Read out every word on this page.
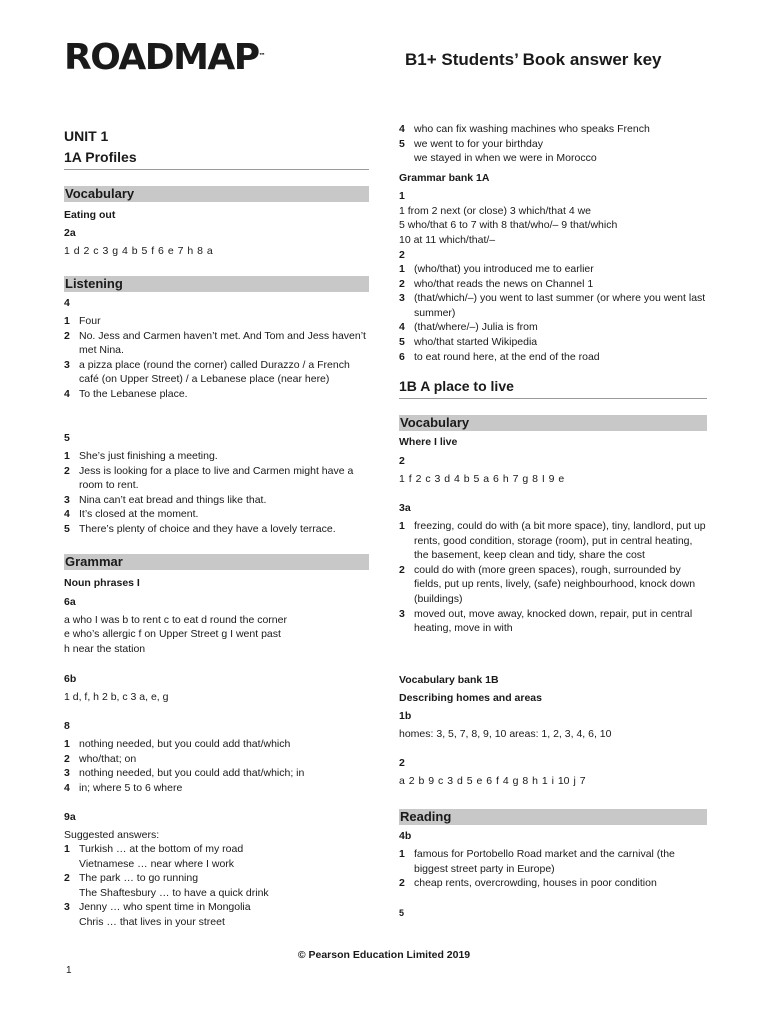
ROADMAP™	B1+ Students’ Book answer key
UNIT 1
1A Profiles
Vocabulary
Eating out
2a
1 d 2 c 3 g 4 b 5 f 6 e 7 h 8 a
Listening
4
1 Four
2 No. Jess and Carmen haven’t met. And Tom and Jess haven’t met Nina.
3 a pizza place (round the corner) called Durazzo / a French café (on Upper Street) / a Lebanese place (near here)
4 To the Lebanese place.
5
1 She’s just finishing a meeting.
2 Jess is looking for a place to live and Carmen might have a room to rent.
3 Nina can’t eat bread and things like that.
4 It’s closed at the moment.
5 There’s plenty of choice and they have a lovely terrace.
Grammar
Noun phrases I
6a
a who I was b to rent c to eat d round the corner
e who’s allergic f on Upper Street g I went past
h near the station
6b
1 d, f, h 2 b, c 3 a, e, g
8
1 nothing needed, but you could add that/which
2 who/that; on
3 nothing needed, but you could add that/which; in
4 in; where 5 to 6 where
9a
Suggested answers:
1 Turkish … at the bottom of my road
Vietnamese … near where I work
2 The park … to go running
The Shaftesbury … to have a quick drink
3 Jenny … who spent time in Mongolia
Chris … that lives in your street
4 who can fix washing machines who speaks French
5 we went to for your birthday
we stayed in when we were in Morocco
Grammar bank 1A
1
1 from 2 next (or close) 3 which/that 4 we
5 who/that 6 to 7 with 8 that/who/– 9 that/which
10 at 11 which/that/–
2
1 (who/that) you introduced me to earlier
2 who/that reads the news on Channel 1
3 (that/which/–) you went to last summer (or where you went last summer)
4 (that/where/–) Julia is from
5 who/that started Wikipedia
6 to eat round here, at the end of the road
1B A place to live
Vocabulary
Where I live
2
1 f 2 c 3 d 4 b 5 a 6 h 7 g 8 I 9 e
3a
1 freezing, could do with (a bit more space), tiny, landlord, put up rents, good condition, storage (room), put in central heating, the basement, keep clean and tidy, share the cost
2 could do with (more green spaces), rough, surrounded by fields, put up rents, lively, (safe) neighbourhood, knock down (buildings)
3 moved out, move away, knocked down, repair, put in central heating, move in with
Vocabulary bank 1B
Describing homes and areas
1b
homes: 3, 5, 7, 8, 9, 10 areas: 1, 2, 3, 4, 6, 10
2
a 2 b 9 c 3 d 5 e 6 f 4 g 8 h 1 i 10 j 7
Reading
4b
1 famous for Portobello Road market and the carnival (the biggest street party in Europe)
2 cheap rents, overcrowding, houses in poor condition
5
© Pearson Education Limited 2019
1
